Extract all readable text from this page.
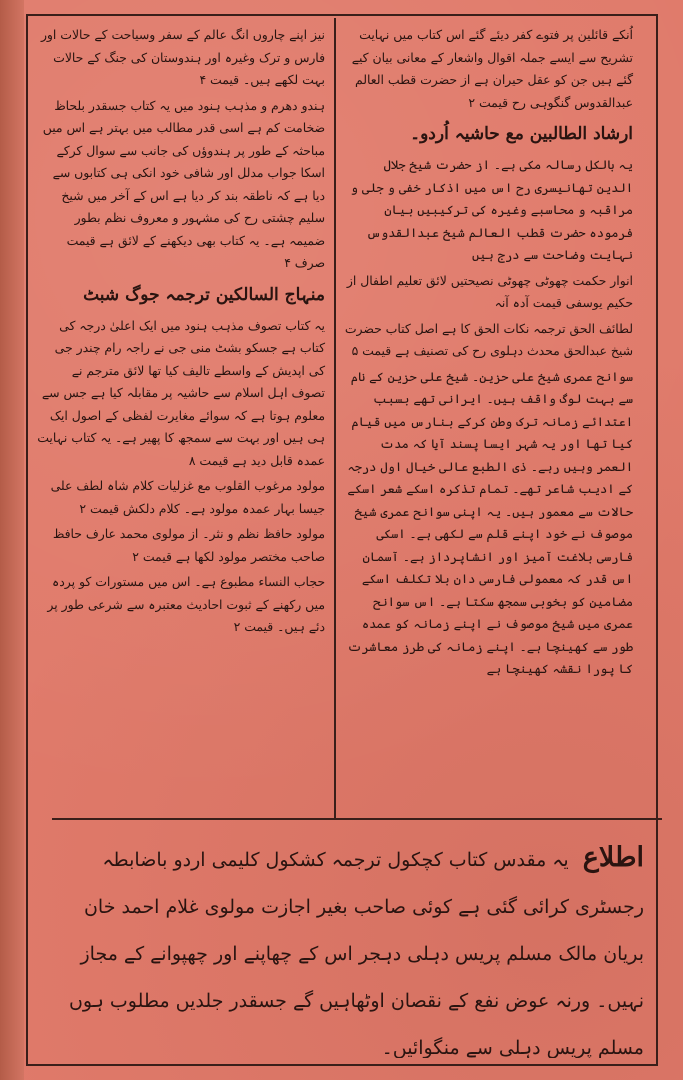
اُنکے قائلین پر فتوے کفر دیئے گئے اس کتاب میں نہایت تشریح سے ایسے جملہ اقوال واشعار کے معانی بیان کیے گئے ہیں جن کو عقل حیران ہے از حضرت قطب العالم عبدالقدوس گنگوہی رح قیمت ۲

ارشاد الطالبین مع حاشیہ اُردو۔

یہ بالکل رسالہ مکی ہے۔ از حضرت شیخ جلال الدین تھانیسری رح اس میں اذکار خفی و جلی و مراقبہ و محاسبے وغیرہ کی ترکیبیں بیان فرمودہ حضرت قطب العالم شیخ عبدالقدوس نہایت وضاحت سے درج ہیں

انوار حکمت چھوٹی چھوٹی نصیحتیں لائق تعلیم اطفال از حکیم یوسفی قیمت آدہ آنہ

لطائف الحق ترجمہ نکات الحق کا ہے اصل کتاب حضرت شیخ عبدالحق محدث دہلوی رح کی تصنیف ہے قیمت ۵

سوانح عمری شیخ علی حزین۔ شیخ علی حزین کے نام سے بہت لوگ واقف ہیں۔ ایرانی تھے بسبب اعتدائے زمانہ ترک وطن کرکے بنارس میں قیام کیا تھا اور یہ شہر ایسا پسند آیا کہ مدت العمر وہیں رہے۔ ذی الطبع عالی خیال اول درجہ کے ادیب شاعر تھے۔ تمام تذکرہ اسکے شعر اسکے حالات سے معمور ہیں۔ یہ اپنی سوانح عمری شیخ موصوف نے خود اپنے قلم سے لکھی ہے۔ اسکی فارسی بلاغت آمیز اور انشاپرداز ہے۔ آسمان اس قدر کہ معمولی فارسی دان بلا تکلف اسکے مضامین کو بخوبی سمجھ سکتا ہے۔ اس سوانح عمری میں شیخ موصوف نے اپنے زمانہ کو عمدہ طور سے کھینچا ہے۔ اپنے زمانہ کی طرز معاشرت کا پورا نقشہ کھینچا ہے

نیز اپنے چاروں انگ عالم کے سفر وسیاحت کے حالات اور فارس و ترک وغیرہ اور ہندوستان کی جنگ کے حالات بہت لکھے ہیں۔ قیمت ۴

ہندو دھرم و مذہب ہنود میں یہ کتاب جسقدر بلحاظ ضخامت کم ہے اسی قدر مطالب میں بہتر ہے اس میں مباحثہ کے طور پر ہندوؤں کی جانب سے سوال کرکے اسکا جواب مدلل اور شافی خود انکی ہی کتابوں سے دیا ہے کہ ناطقہ بند کر دیا ہے اس کے آخر میں شیخ سلیم چشتی رح کی مشہور و معروف نظم بطور ضمیمہ ہے۔ یہ کتاب بھی دیکھنے کے لائق ہے قیمت صرف ۴

منہاج السالکین ترجمہ جوگ شبٹ

یہ کتاب تصوف مذہب ہنود میں ایک اعلیٰ درجہ کی کتاب ہے جسکو بشٹ منی جی نے راجہ رام چندر جی کی اپدیش کے واسطے تالیف کیا تھا لائق مترجم نے تصوف اہل اسلام سے حاشیہ پر مقابلہ کیا ہے جس سے معلوم ہوتا ہے کہ سوائے مغایرت لفظی کے اصول ایک ہی ہیں اور بہت سے سمجھ کا پھیر ہے۔ یہ کتاب نہایت عمدہ قابل دید ہے قیمت ۸

مولود مرغوب القلوب مع غزلیات کلام شاہ لطف علی جیسا بہار عمدہ مولود ہے۔ کلام دلکش قیمت ۲

مولود حافظ نظم و نثر۔ از مولوی محمد عارف حافظ صاحب مختصر مولود لکھا ہے قیمت ۲

حجاب النساء مطبوع ہے۔ اس میں مستورات کو پردہ میں رکھنے کے ثبوت احادیث معتبرہ سے شرعی طور پر دئے ہیں۔ قیمت ۲

اطلاع یہ مقدس کتاب کچکول ترجمہ کشکول کلیمی اردو باضابطہ رجسٹری کرائی گئی ہے کوئی صاحب بغیر اجازت مولوی غلام احمد خان بریان مالک مسلم پریس دہلی دہجر اس کے چھاپنے اور چھپوانے کے مجاز نہیں۔ ورنہ عوض نفع کے نقصان اوٹھاہیں گے جسقدر جلدیں مطلوب ہوں مسلم پریس دہلی سے منگوائیں۔
